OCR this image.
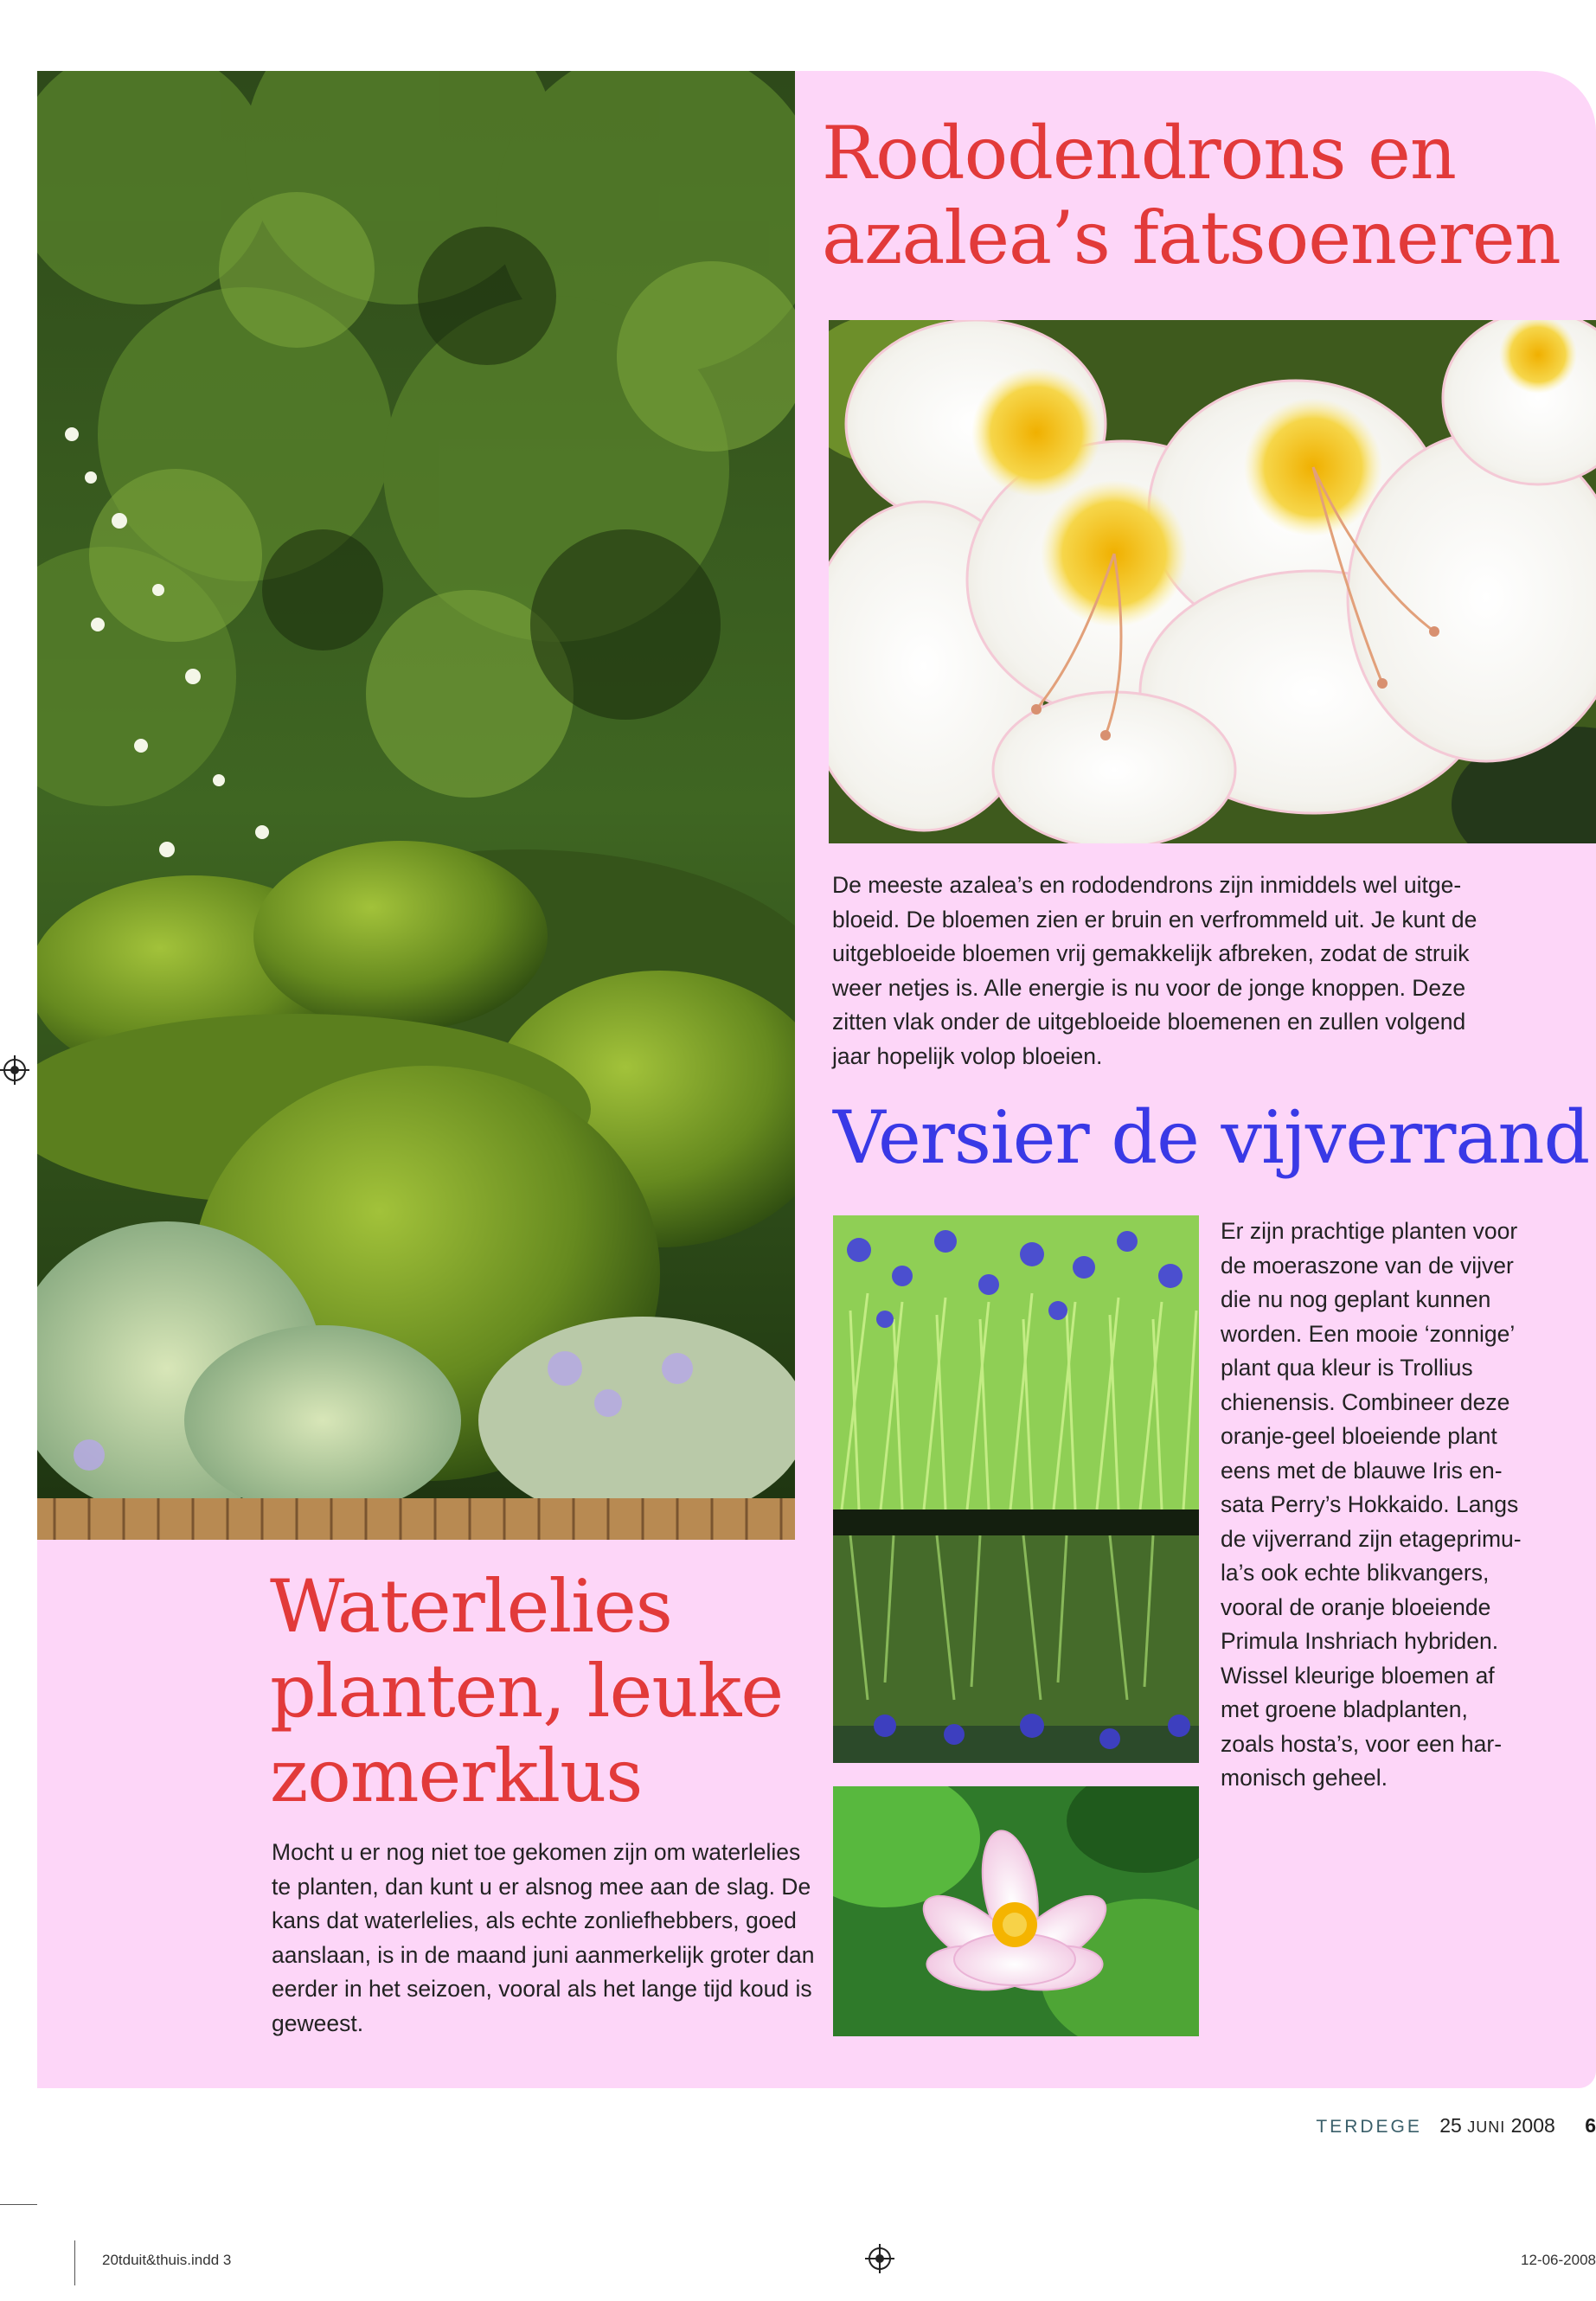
Rododendrons en azalea’s fatsoeneren
Versier de vijverrand
Waterlelies planten, leuke zomerklus

De meeste azalea’s en rododendrons zijn inmiddels wel uitgebloeid. De bloemen zien er bruin en verfrommeld uit. Je kunt de uitgebloeide bloemen vrij gemakkelijk afbreken, zodat de struik weer netjes is. Alle energie is nu voor de jonge knoppen. Deze zitten vlak onder de uitgebloeide bloemenen en zullen volgend jaar hopelijk volop bloeien.

Er zijn prachtige planten voor de moeraszone van de vijver die nu nog geplant kunnen worden. Een mooie ‘zonnige’ plant qua kleur is Trollius chienensis. Combineer deze oranje-geel bloeiende plant eens met de blauwe Iris ensata Perry’s Hokkaido. Langs de vijverrand zijn etageprimula’s ook echte blikvangers, vooral de oranje bloeiende Primula Inshriach hybriden. Wissel kleurige bloemen af met groene bladplanten, zoals hosta’s, voor een harmonisch geheel.

Mocht u er nog niet toe gekomen zijn om waterlelies te planten, dan kunt u er alsnog mee aan de slag. De kans dat waterlelies, als echte zonliefhebbers, goed aanslaan, is in de maand juni aanmerkelijk groter dan eerder in het seizoen, vooral als het lange tijd koud is geweest.

TERDEGE 25 JUNI 2008 6
20tduit&thuis.indd 3	12-06-2008
